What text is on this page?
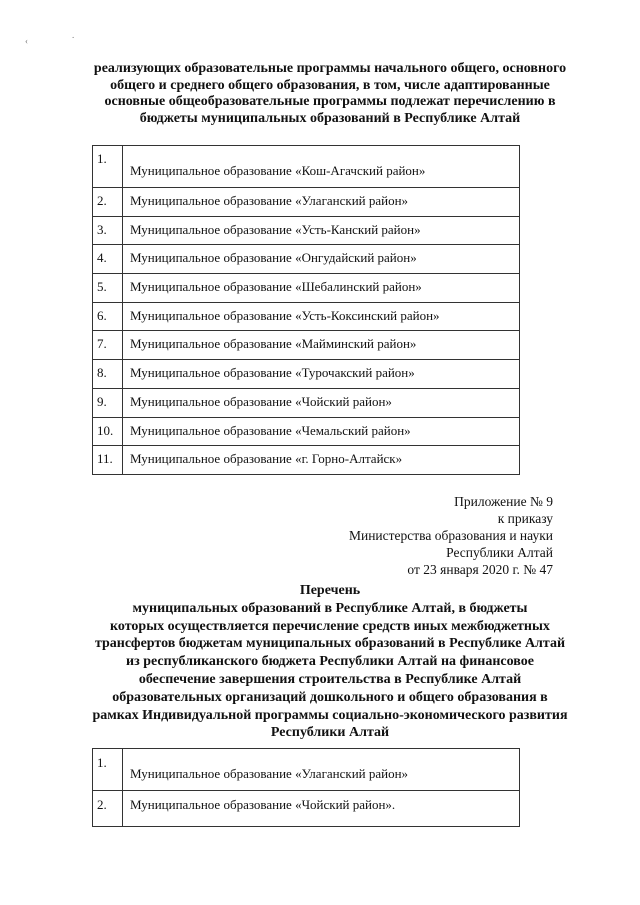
‹
.
реализующих образовательные программы начального общего, основного
общего и среднего общего образования, в том, числе адаптированные
основные общеобразовательные программы подлежат перечислению в
бюджеты муниципальных образований в Республике Алтай
1.	Муниципальное образование «Кош-Агачский район»

2.	Муниципальное образование «Улаганский район»

3.	Муниципальное образование «Усть-Канский район»

4.	Муниципальное образование «Онгудайский район»

5.	Муниципальное образование «Шебалинский район»

6.	Муниципальное образование «Усть-Коксинский район»

7.	Муниципальное образование «Майминский район»

8.	Муниципальное образование «Турочакский район»

9.	Муниципальное образование «Чойский район»

10.	Муниципальное образование «Чемальский район»

11.	Муниципальное образование «г. Горно-Алтайск»
Приложение № 9
к приказу
Министерства образования и науки
Республики Алтай
от 23 января 2020 г. № 47
Перечень
муниципальных образований в Республике Алтай, в бюджеты
которых осуществляется перечисление средств иных межбюджетных
трансфертов бюджетам муниципальных образований в Республике Алтай
из республиканского бюджета Республики Алтай на финансовое
обеспечение завершения строительства в Республике Алтай
образовательных организаций дошкольного и общего образования в
рамках Индивидуальной программы социально-экономического развития
Республики Алтай
1.	Муниципальное образование «Улаганский район»

2.	Муниципальное образование «Чойский район».
